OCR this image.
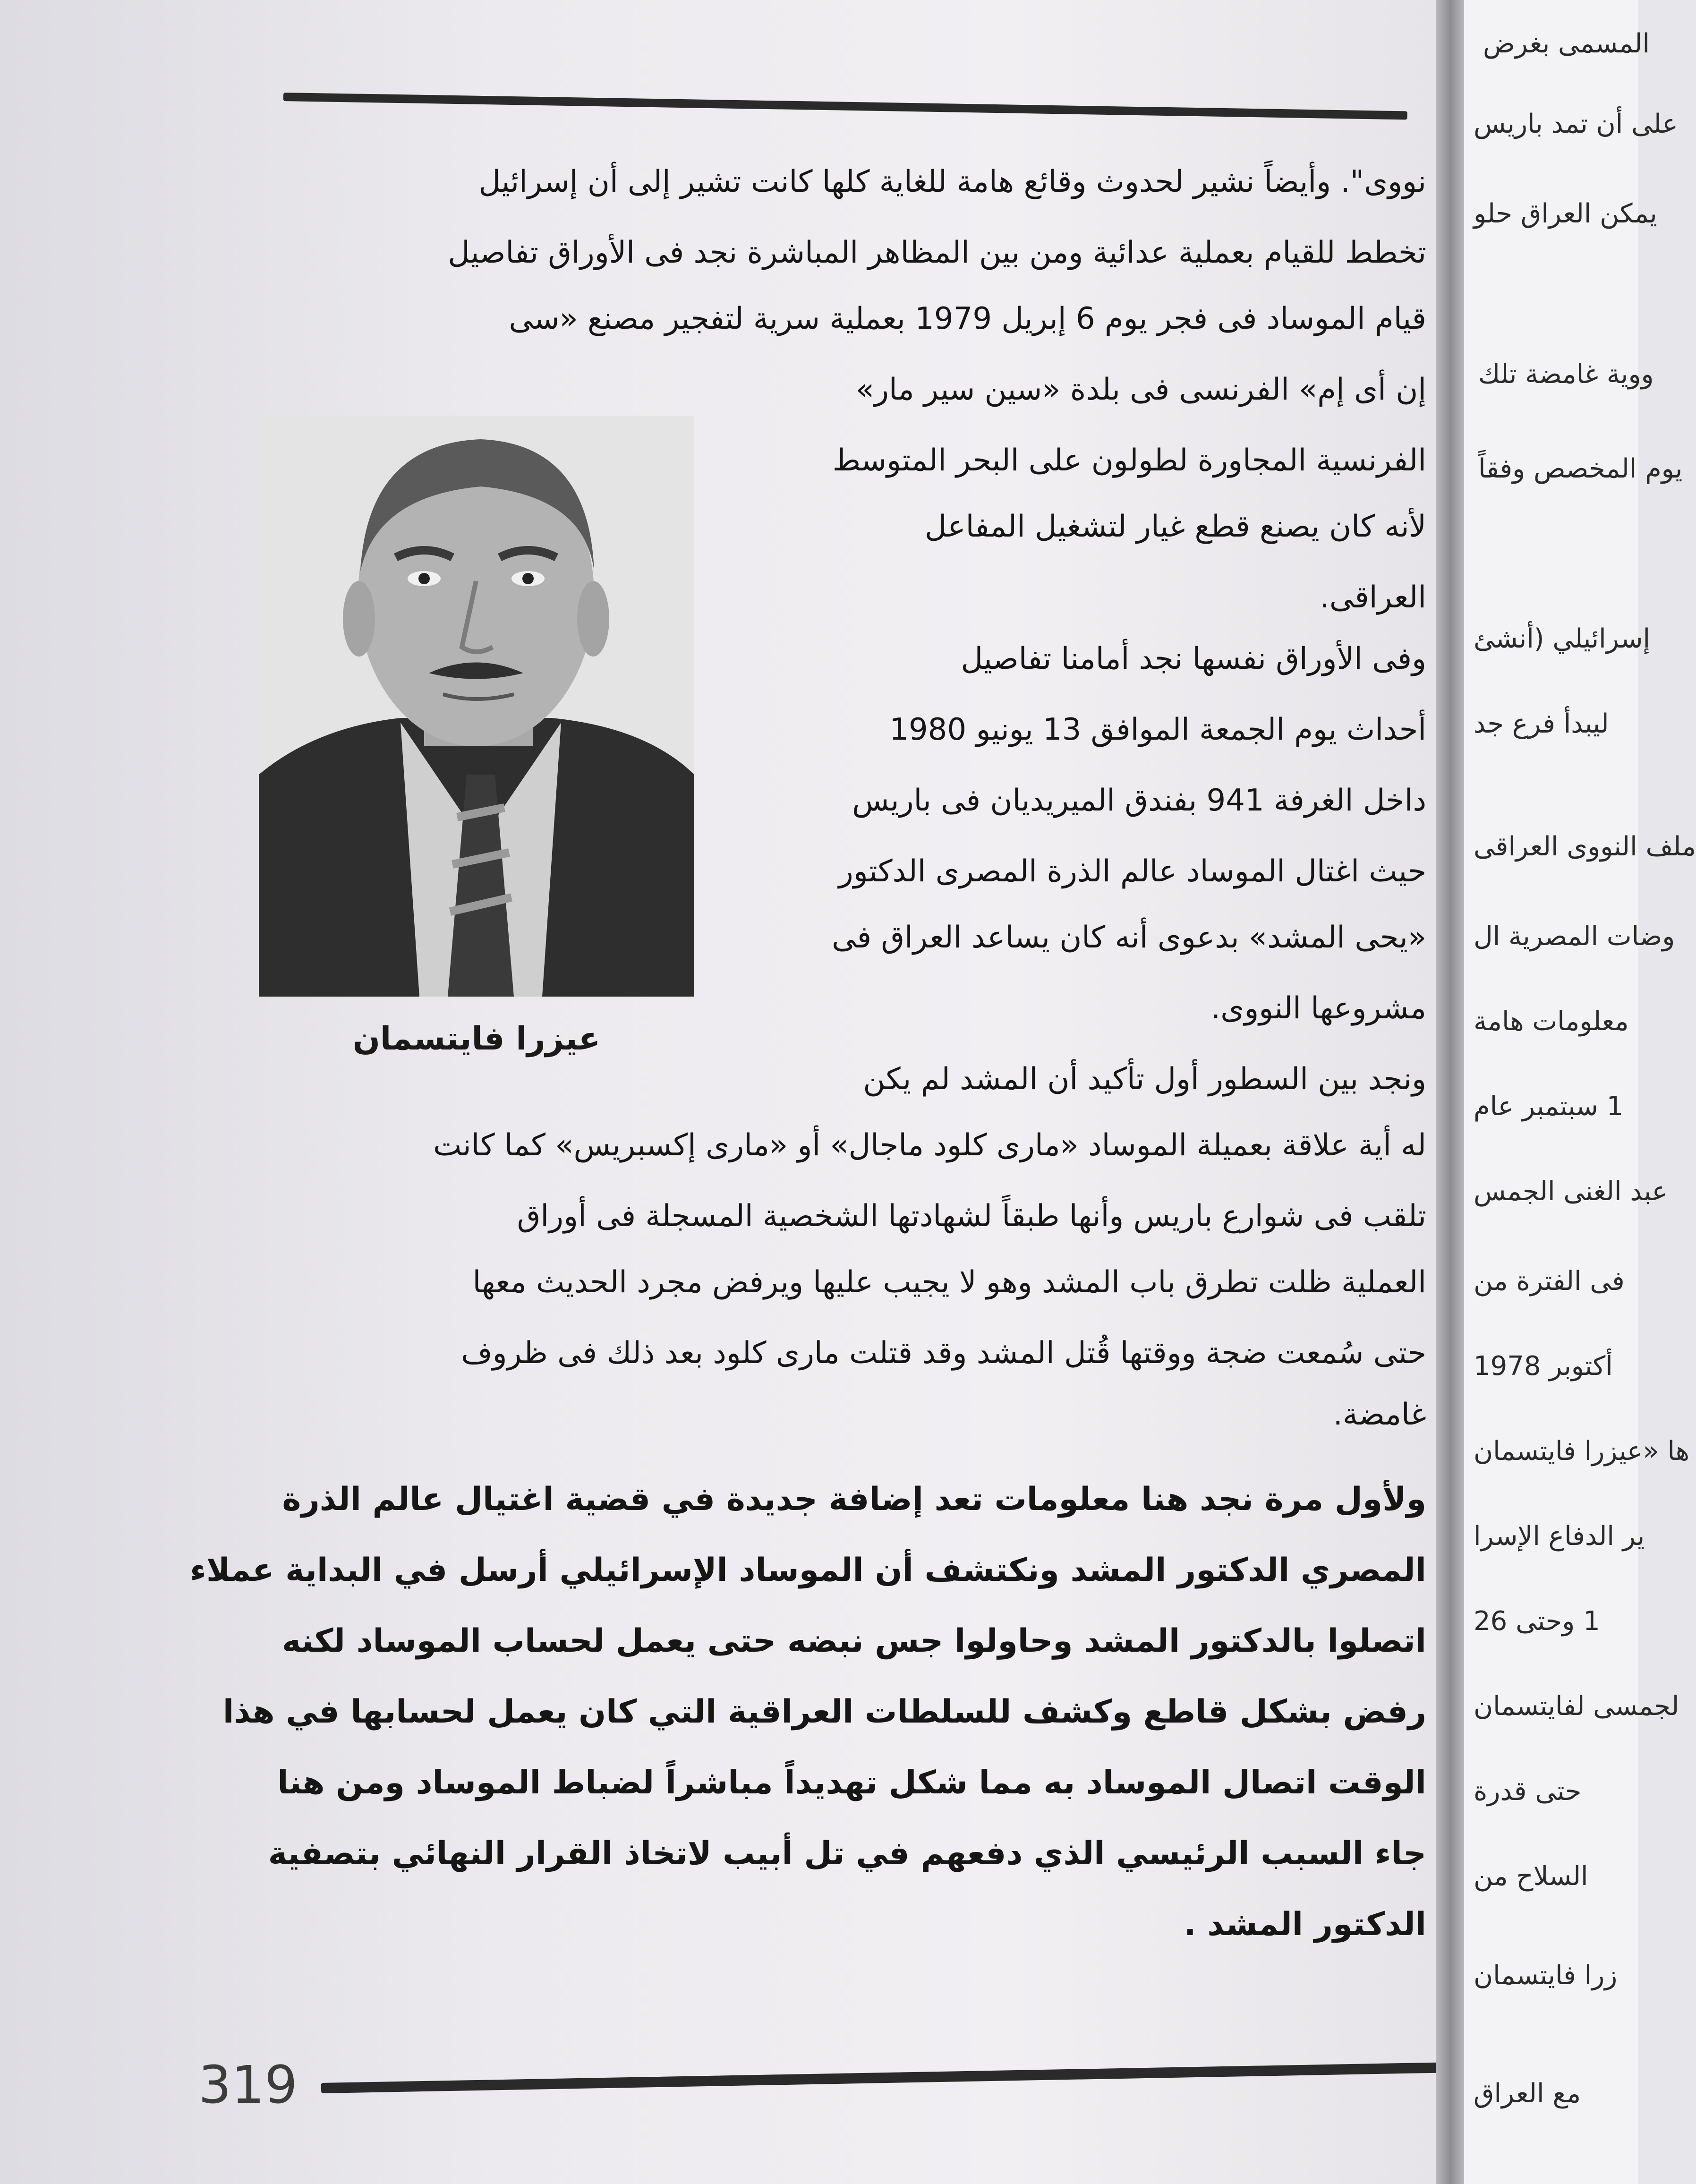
نووى". وأيضاً نشير لحدوث وقائع هامة للغاية كلها كانت تشير إلى أن إسرائيل
تخطط للقيام بعملية عدائية ومن بين المظاهر المباشرة نجد فى الأوراق تفاصيل
قيام الموساد فى فجر يوم 6 إبريل 1979 بعملية سرية لتفجير مصنع «سى
إن أى إم» الفرنسى فى بلدة «سين سير مار»
الفرنسية المجاورة لطولون على البحر المتوسط
لأنه كان يصنع قطع غيار لتشغيل المفاعل
العراقى.
وفى الأوراق نفسها نجد أمامنا تفاصيل
أحداث يوم الجمعة الموافق 13 يونيو 1980
داخل الغرفة 941 بفندق الميريديان فى باريس
حيث اغتال الموساد عالم الذرة المصرى الدكتور
«يحى المشد» بدعوى أنه كان يساعد العراق فى
مشروعها النووى.
ونجد بين السطور أول تأكيد أن المشد لم يكن
له أية علاقة بعميلة الموساد «مارى كلود ماجال» أو «مارى إكسبريس» كما كانت
تلقب فى شوارع باريس وأنها طبقاً لشهادتها الشخصية المسجلة فى أوراق
العملية ظلت تطرق باب المشد وهو لا يجيب عليها ويرفض مجرد الحديث معها
حتى سُمعت ضجة ووقتها قُتل المشد وقد قتلت مارى كلود بعد ذلك فى ظروف
غامضة.
ولأول مرة نجد هنا معلومات تعد إضافة جديدة في قضية اغتيال عالم الذرة
المصري الدكتور المشد ونكتشف أن الموساد الإسرائيلي أرسل في البداية عملاء
اتصلوا بالدكتور المشد وحاولوا جس نبضه حتى يعمل لحساب الموساد لكنه
رفض بشكل قاطع وكشف للسلطات العراقية التي كان يعمل لحسابها في هذا
الوقت اتصال الموساد به مما شكل تهديداً مباشراً لضباط الموساد ومن هنا
جاء السبب الرئيسي الذي دفعهم في تل أبيب لاتخاذ القرار النهائي بتصفية
الدكتور المشد .
عيزرا فايتسمان
319
المسمى بغرض
على أن تمد باريس
يمكن العراق حلو
ووية غامضة تلك
يوم المخصص وفقاً
إسرائيلي (أنشئ
ليبدأ فرع جد
ملف النووى العراقى
وضات المصرية ال
معلومات هامة
1 سبتمبر عام
عبد الغنى الجمس
فى الفترة من
أكتوبر 1978
ها «عيزرا فايتسمان
ير الدفاع الإسرا
1 وحتى 26
لجمسى لفايتسمان
حتى قدرة
السلاح من
زرا فايتسمان
مع العراق
